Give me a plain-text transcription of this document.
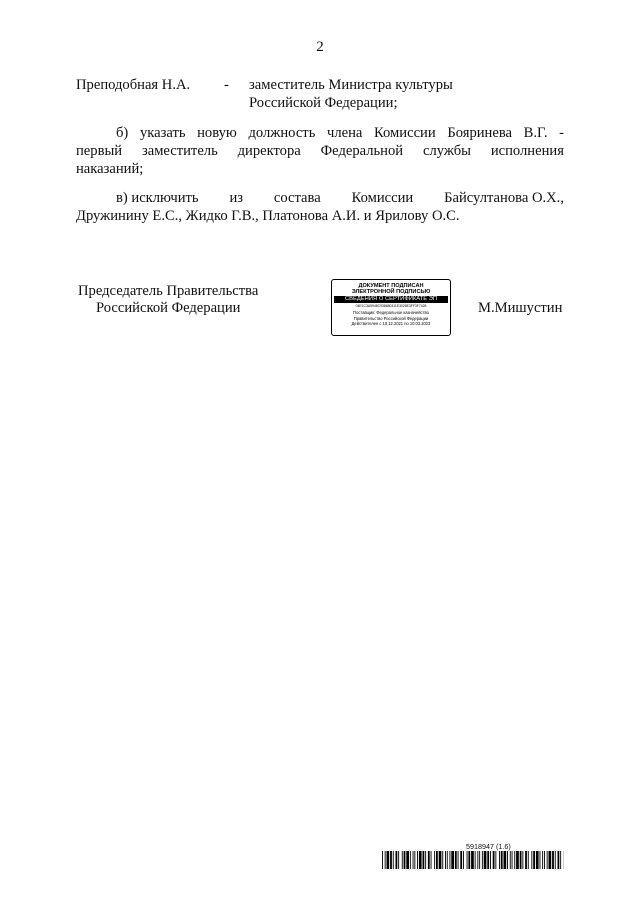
2
Преподобная Н.А. - заместитель Министра культуры
Российской Федерации;
б) указать новую должность члена Комиссии Бояринева В.Г. -
первый заместитель директора Федеральной службы исполнения
наказаний;
в) исключить из состава Комиссии Байсултанова О.Х.,
Дружинину Е.С., Жидко Г.В., Платонова А.И. и Ярилову О.С.
Председатель Правительства
Российской Федерации	М.Мишустин
ДОКУМЕНТ ПОДПИСАН
ЭЛЕКТРОННОЙ ПОДПИСЬЮ
СВЕДЕНИЯ О СЕРТИФИКАТЕ ЭП
04E1C3A5948C938680311E3028E3FF3F7428
Поставщик: Федеральное казначейство
Правительство Российской Федерации
Действителен с 10.12.2021 по 10.03.2023
5918947 (1.6)
